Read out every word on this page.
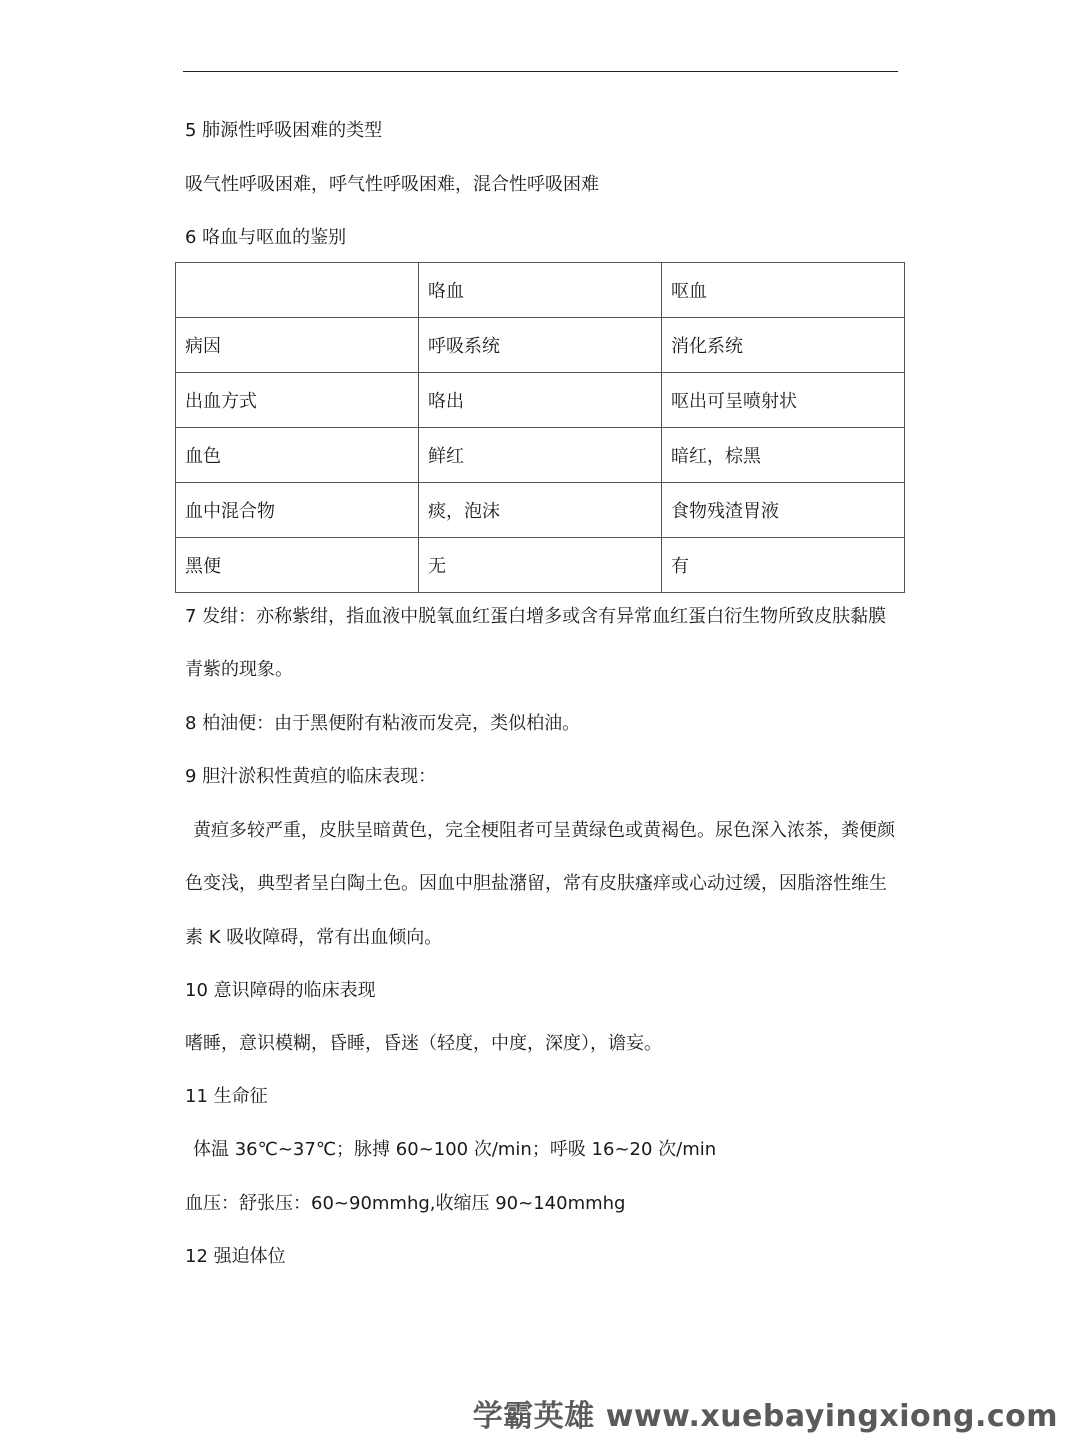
5 肺源性呼吸困难的类型
吸气性呼吸困难，呼气性呼吸困难，混合性呼吸困难
6 咯血与呕血的鉴别
	咯血	呕血
病因	呼吸系统	消化系统
出血方式	咯出	呕出可呈喷射状
血色	鲜红	暗红，棕黑
血中混合物	痰，泡沫	食物残渣胃液
黑便	无	有
7 发绀：亦称紫绀，指血液中脱氧血红蛋白增多或含有异常血红蛋白衍生物所致皮肤黏膜
青紫的现象。
8 柏油便：由于黑便附有粘液而发亮，类似柏油。
9 胆汁淤积性黄疸的临床表现：
黄疸多较严重，皮肤呈暗黄色，完全梗阻者可呈黄绿色或黄褐色。尿色深入浓茶，粪便颜
色变浅，典型者呈白陶土色。因血中胆盐潴留，常有皮肤瘙痒或心动过缓，因脂溶性维生
素 K 吸收障碍，常有出血倾向。
10 意识障碍的临床表现
嗜睡，意识模糊，昏睡，昏迷（轻度，中度，深度），谵妄。
11 生命征
体温 36℃~37℃；脉搏 60~100 次/min；呼吸 16~20 次/min
血压：舒张压：60~90mmhg,收缩压 90~140mmhg
12 强迫体位
学霸英雄 www.xuebayingxiong.com
